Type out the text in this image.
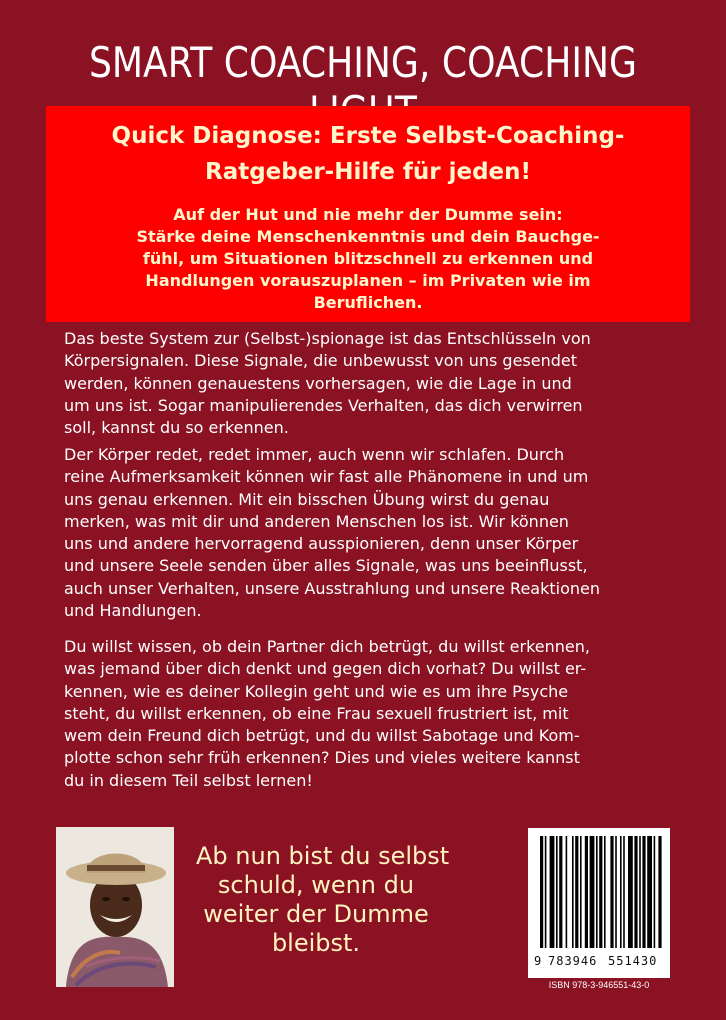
SMART COACHING, COACHING
Quick Diagnose: Erste Selbst-Coaching-
Ratgeber-Hilfe für jeden!
Auf der Hut und nie mehr der Dumme sein:
Stärke deine Menschenkenntnis und dein Bauchge-
fühl, um Situationen blitzschnell zu erkennen und
Handlungen vorauszuplanen – im Privaten wie im
Beruflichen.
Das beste System zur (Selbst-)spionage ist das Entschlüsseln von
Körpersignalen. Diese Signale, die unbewusst von uns gesendet
werden, können genauestens vorhersagen, wie die Lage in und
um uns ist. Sogar manipulierendes Verhalten, das dich verwirren
soll, kannst du so erkennen.
Der Körper redet, redet immer, auch wenn wir schlafen. Durch
reine Aufmerksamkeit können wir fast alle Phänomene in und um
uns genau erkennen. Mit ein bisschen Übung wirst du genau
merken, was mit dir und anderen Menschen los ist. Wir können
uns und andere hervorragend ausspionieren, denn unser Körper
und unsere Seele senden über alles Signale, was uns beeinflusst,
auch unser Verhalten, unsere Ausstrahlung und unsere Reaktionen
und Handlungen.
Du willst wissen, ob dein Partner dich betrügt, du willst erkennen,
was jemand über dich denkt und gegen dich vorhat? Du willst er-
kennen, wie es deiner Kollegin geht und wie es um ihre Psyche
steht, du willst erkennen, ob eine Frau sexuell frustriert ist, mit
wem dein Freund dich betrügt, und du willst Sabotage und Kom-
plotte schon sehr früh erkennen? Dies und vieles weitere kannst
du in diesem Teil selbst lernen!
Ab nun bist du selbst
schuld, wenn du
weiter der Dumme
bleibst.
9 783946 551430
ISBN 978-3-946551-43-0
